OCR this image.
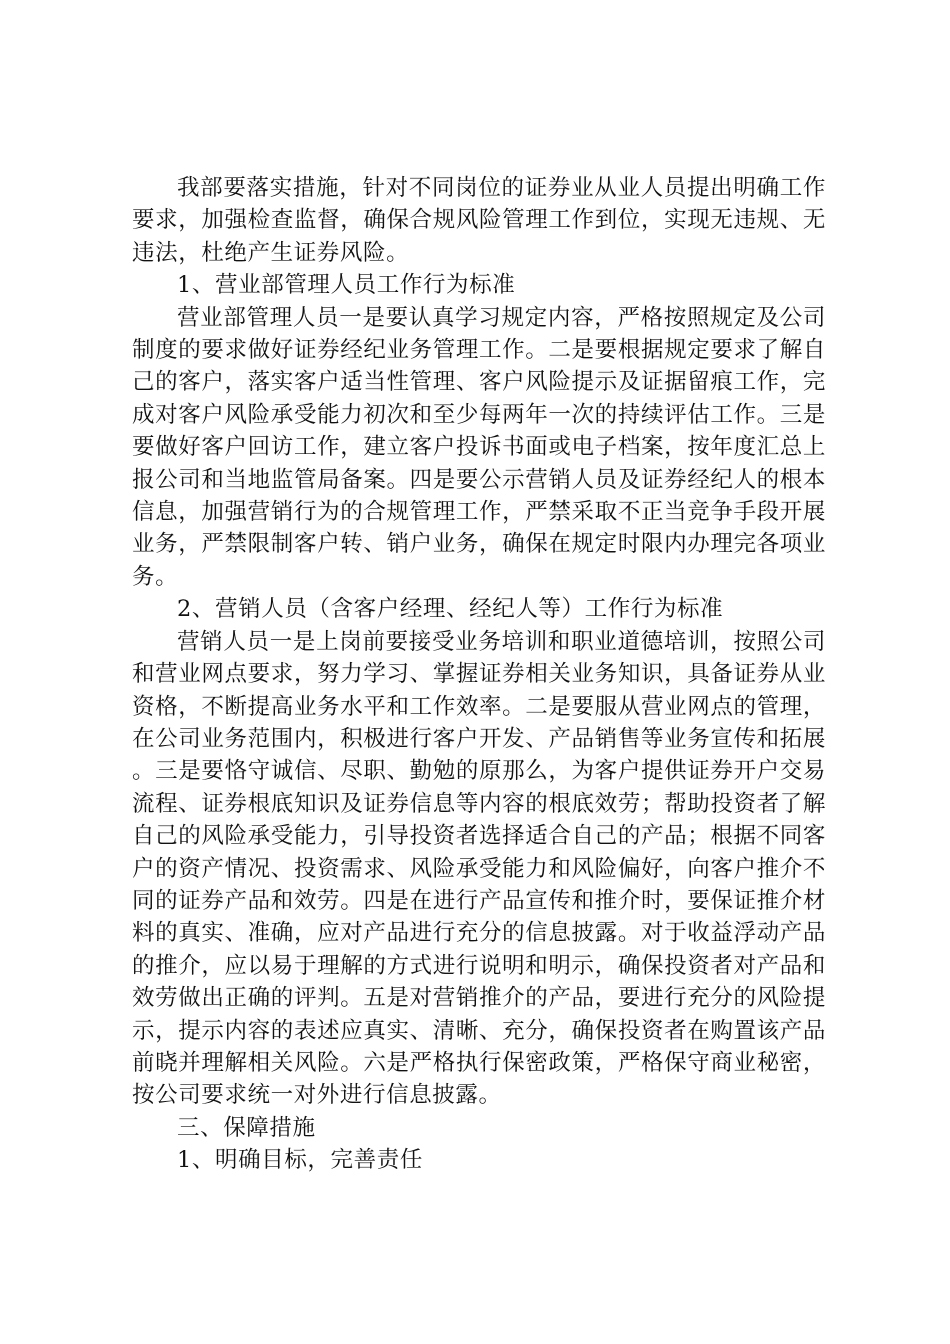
我部要落实措施，针对不同岗位的证券业从业人员提出明确工作要求，加强检查监督，确保合规风险管理工作到位，实现无违规、无违法，杜绝产生证券风险。

1、营业部管理人员工作行为标准

营业部管理人员一是要认真学习规定内容，严格按照规定及公司制度的要求做好证券经纪业务管理工作。二是要根据规定要求了解自己的客户，落实客户适当性管理、客户风险提示及证据留痕工作，完成对客户风险承受能力初次和至少每两年一次的持续评估工作。三是要做好客户回访工作，建立客户投诉书面或电子档案，按年度汇总上报公司和当地监管局备案。四是要公示营销人员及证券经纪人的根本信息，加强营销行为的合规管理工作，严禁采取不正当竞争手段开展业务，严禁限制客户转、销户业务，确保在规定时限内办理完各项业务。

2、营销人员（含客户经理、经纪人等）工作行为标准

营销人员一是上岗前要接受业务培训和职业道德培训，按照公司和营业网点要求，努力学习、掌握证券相关业务知识，具备证券从业资格，不断提高业务水平和工作效率。二是要服从营业网点的管理，在公司业务范围内，积极进行客户开发、产品销售等业务宣传和拓展。三是要恪守诚信、尽职、勤勉的原那么，为客户提供证券开户交易流程、证券根底知识及证券信息等内容的根底效劳；帮助投资者了解自己的风险承受能力，引导投资者选择适合自己的产品；根据不同客户的资产情况、投资需求、风险承受能力和风险偏好，向客户推介不同的证券产品和效劳。四是在进行产品宣传和推介时，要保证推介材料的真实、准确，应对产品进行充分的信息披露。对于收益浮动产品的推介，应以易于理解的方式进行说明和明示，确保投资者对产品和效劳做出正确的评判。五是对营销推介的产品，要进行充分的风险提示，提示内容的表述应真实、清晰、充分，确保投资者在购置该产品前晓并理解相关风险。六是严格执行保密政策，严格保守商业秘密，按公司要求统一对外进行信息披露。

三、保障措施

1、明确目标，完善责任
